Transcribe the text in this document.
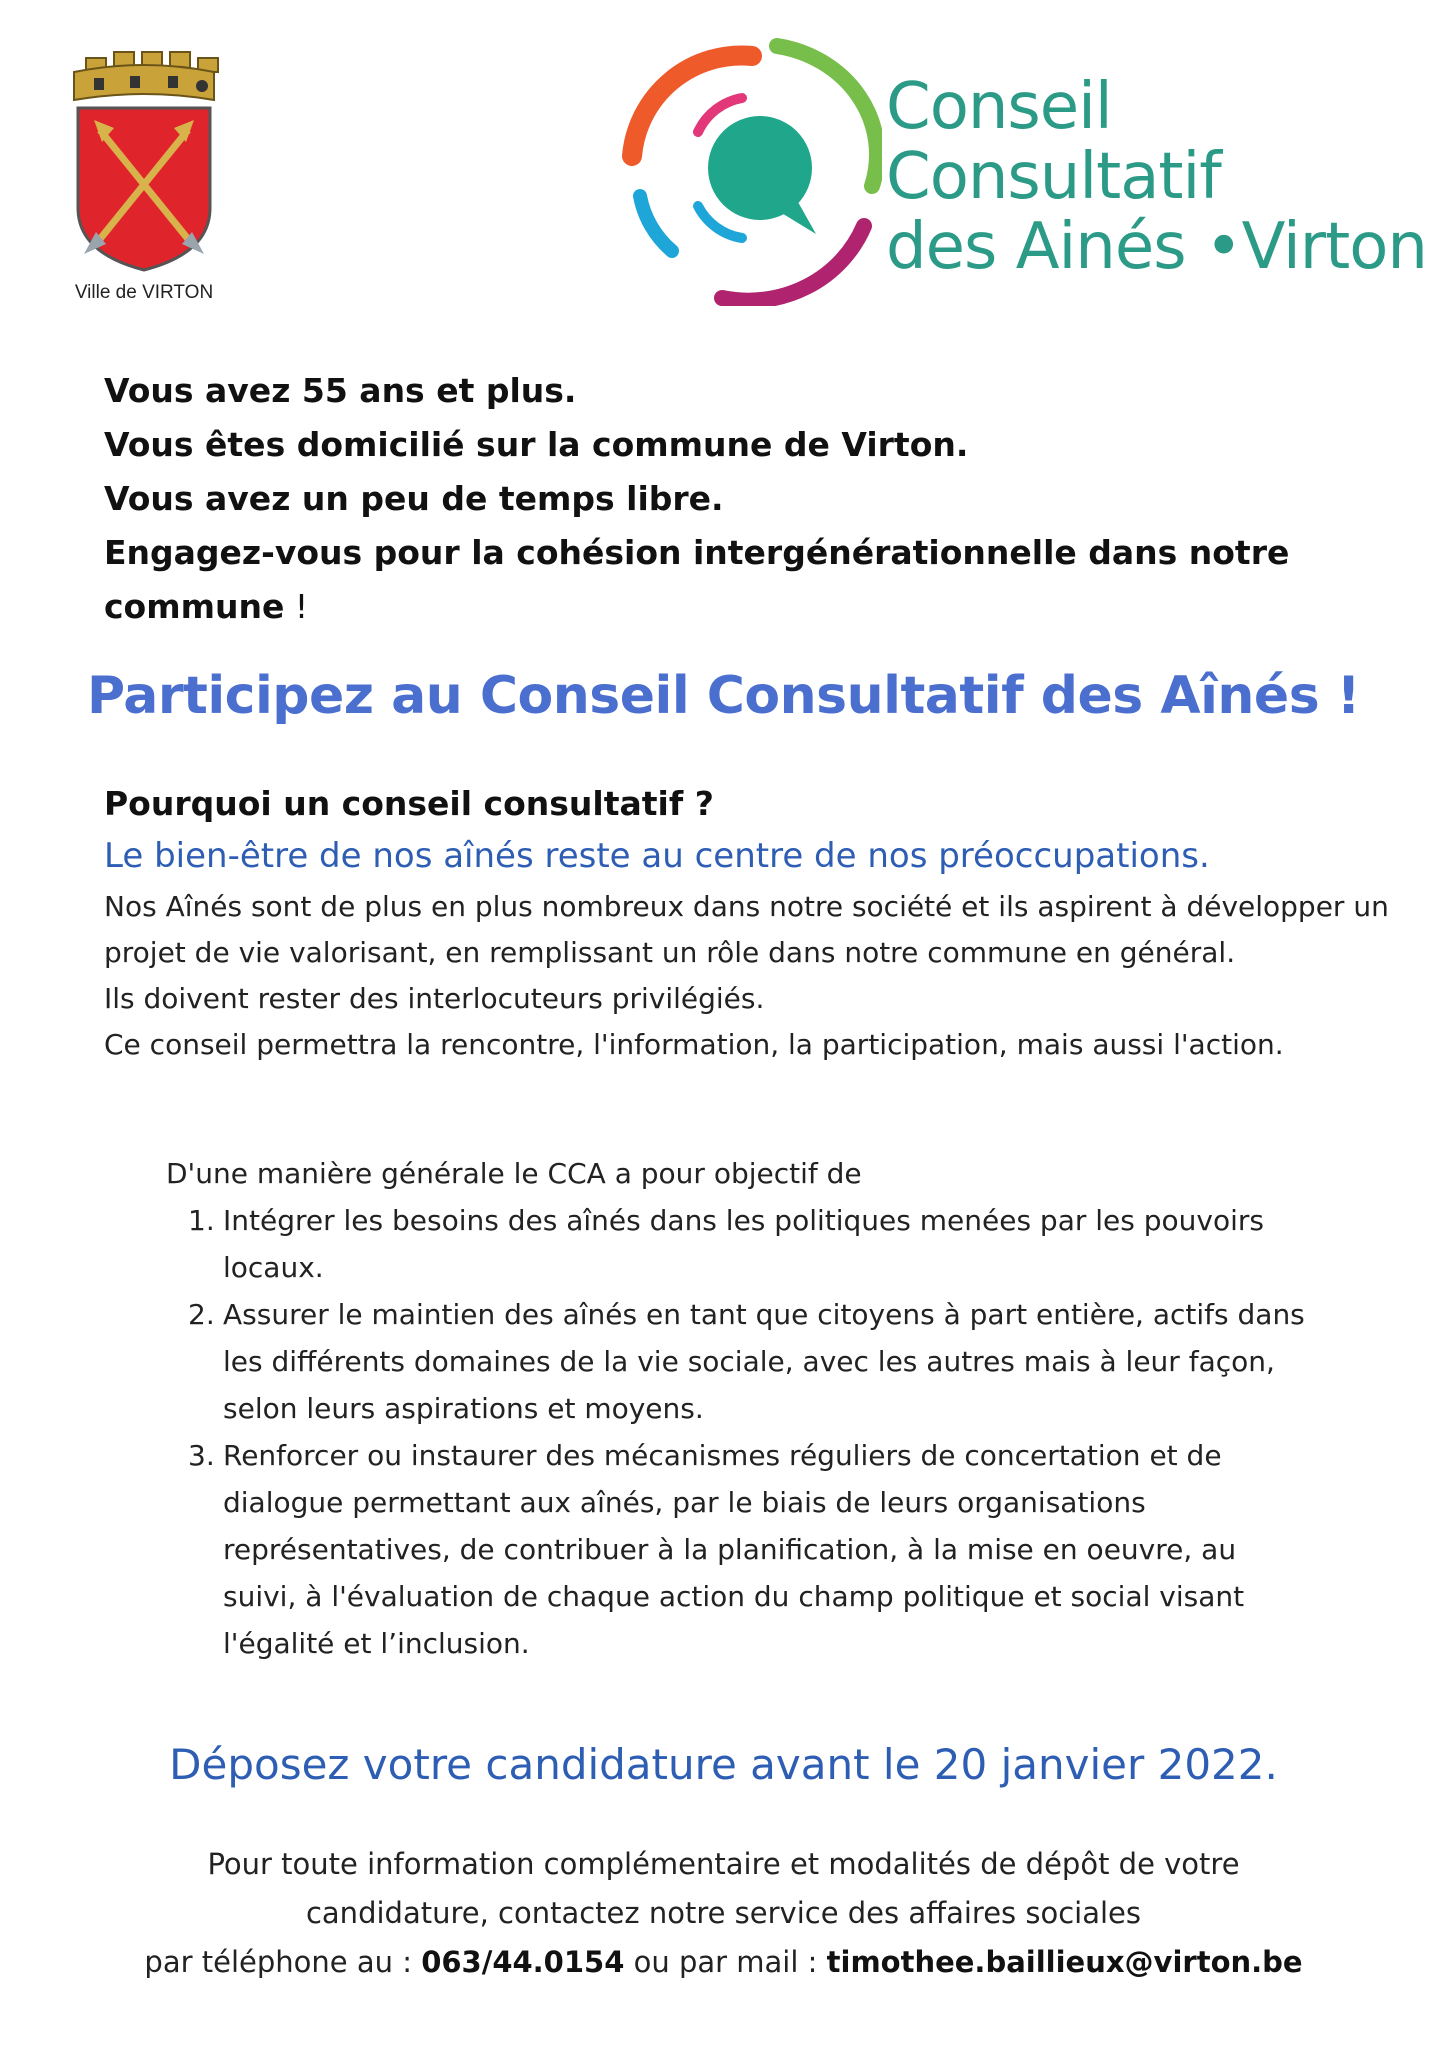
Ville de VIRTON
Conseil
Consultatif
des Ainés •Virton
Vous avez 55 ans et plus.
Vous êtes domicilié sur la commune de Virton.
Vous avez un peu de temps libre.
Engagez-vous pour la cohésion intergénérationnelle dans notre
commune !
Participez au Conseil Consultatif des Aînés !
Pourquoi un conseil consultatif ?
Le bien-être de nos aînés reste au centre de nos préoccupations.
Nos Aînés sont de plus en plus nombreux dans notre société et ils aspirent à développer un projet de vie valorisant, en remplissant un rôle dans notre commune en général.
Ils doivent rester des interlocuteurs privilégiés.
Ce conseil permettra la rencontre, l'information, la participation, mais aussi l'action.
D'une manière générale le CCA a pour objectif de
1. Intégrer les besoins des aînés dans les politiques menées par les pouvoirs locaux.
2. Assurer le maintien des aînés en tant que citoyens à part entière, actifs dans les différents domaines de la vie sociale, avec les autres mais à leur façon, selon leurs aspirations et moyens.
3. Renforcer ou instaurer des mécanismes réguliers de concertation et de dialogue permettant aux aînés, par le biais de leurs organisations représentatives, de contribuer à la planification, à la mise en oeuvre, au suivi, à l'évaluation de chaque action du champ politique et social visant l'égalité et l’inclusion.
Déposez votre candidature avant le 20 janvier 2022.
Pour toute information complémentaire et modalités de dépôt de votre
candidature, contactez notre service des affaires sociales
par téléphone au : 063/44.0154 ou par mail : timothee.baillieux@virton.be
